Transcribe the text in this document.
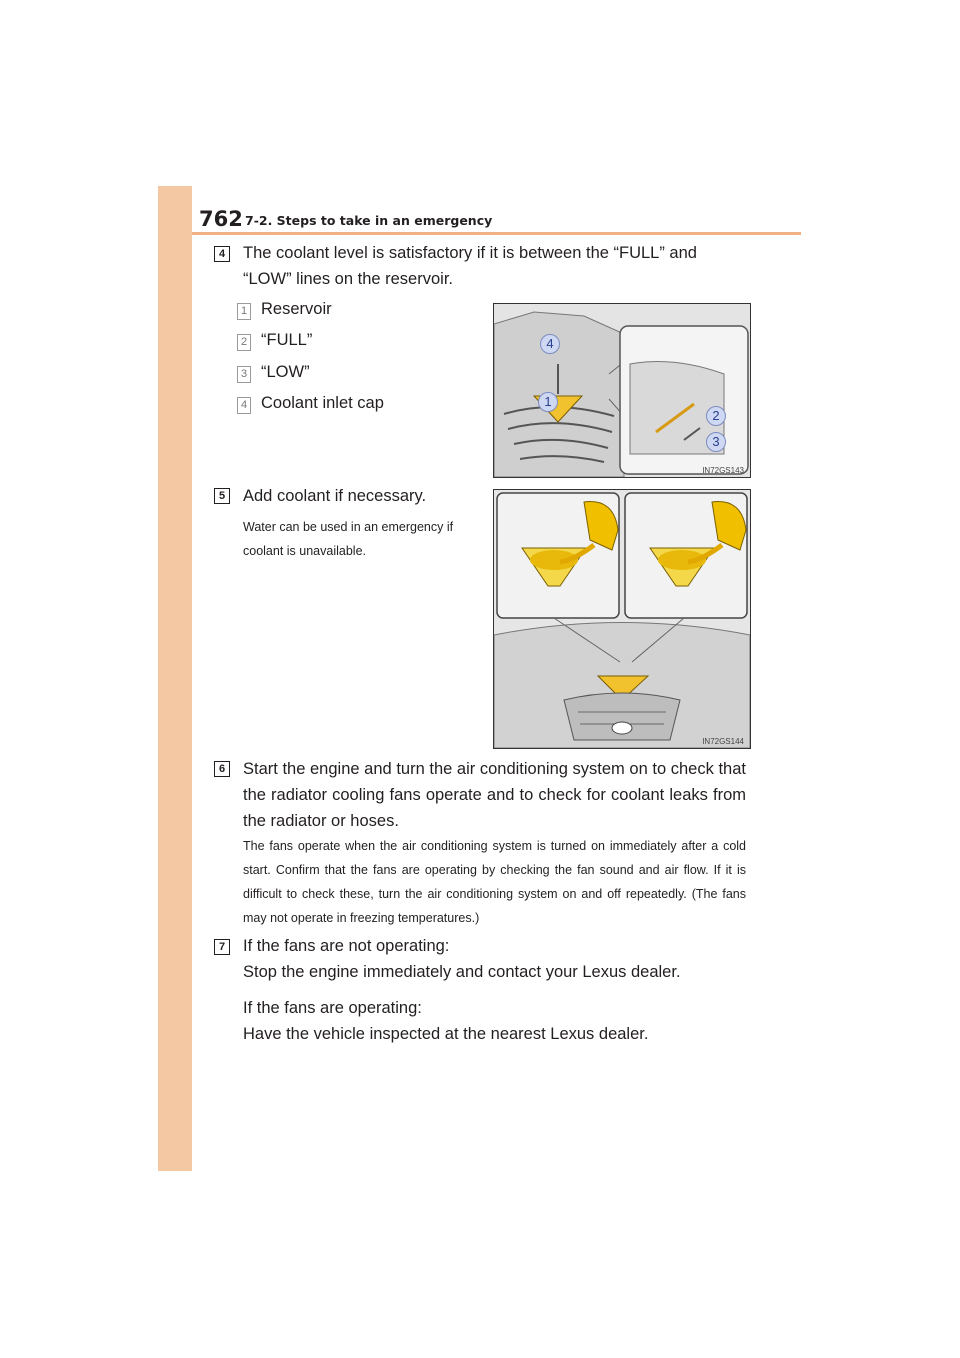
762 7-2. Steps to take in an emergency
4 The coolant level is satisfactory if it is between the “FULL” and “LOW” lines on the reservoir.
1 Reservoir
2 “FULL”
3 “LOW”
4 Coolant inlet cap
4
1
2
3
IN72GS143
5 Add coolant if necessary.
Water can be used in an emergency if
coolant is unavailable.
IN72GS144
6 Start the engine and turn the air conditioning system on to check that the radiator cooling fans operate and to check for coolant leaks from the radiator or hoses.
The fans operate when the air conditioning system is turned on immediately after a cold start. Confirm that the fans are operating by checking the fan sound and air flow. If it is difficult to check these, turn the air conditioning system on and off repeatedly. (The fans may not operate in freezing temperatures.)
7 If the fans are not operating:
Stop the engine immediately and contact your Lexus dealer.
If the fans are operating:
Have the vehicle inspected at the nearest Lexus dealer.
